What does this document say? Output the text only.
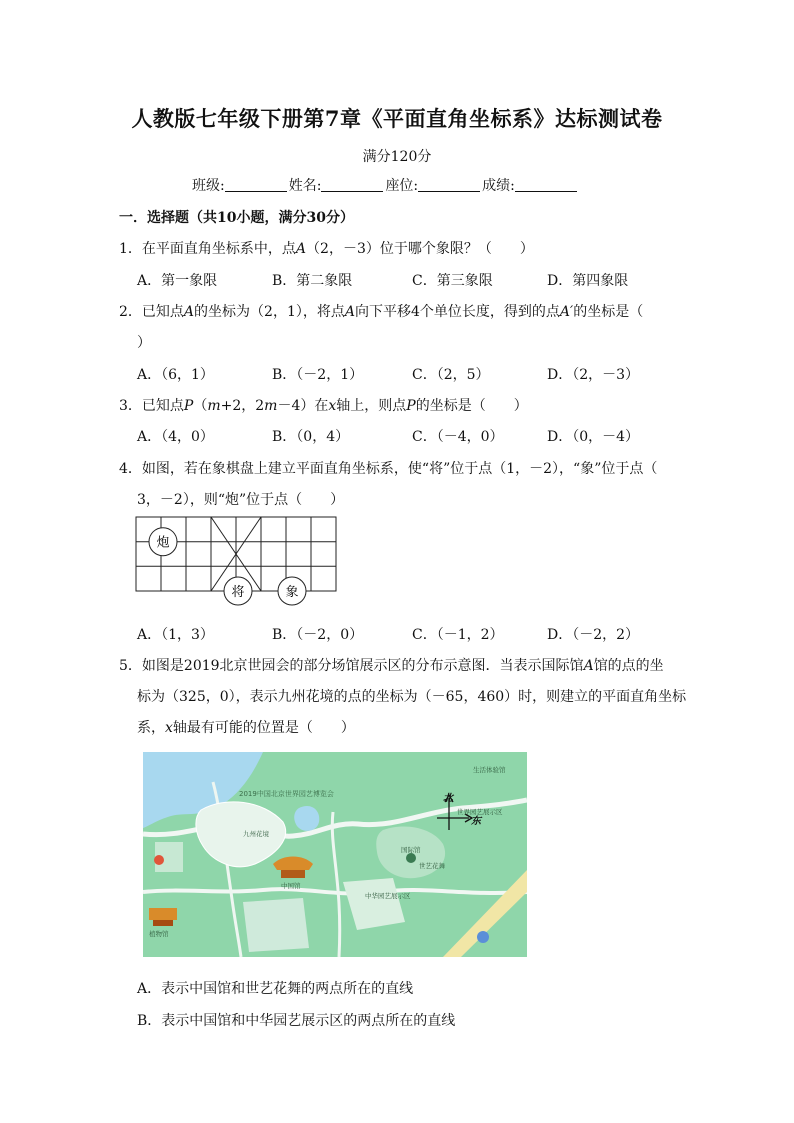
人教版七年级下册第7章《平面直角坐标系》达标测试卷
满分120分
班级:	姓名:	座位:	成绩:
一．选择题（共10小题，满分30分）
1．在平面直角坐标系中，点A（2，－3）位于哪个象限？（　　）
A．第一象限	B．第二象限	C．第三象限	D．第四象限
2．已知点A的坐标为（2，1），将点A向下平移4个单位长度，得到的点A′的坐标是（
）
A．（6，1）	B．（－2，1）	C．（2，5）	D．（2，－3）
3．已知点P（m+2，2m－4）在x轴上，则点P的坐标是（　　）
A．（4，0）	B．（0，4）	C．（－4，0）	D．（0，－4）
4．如图，若在象棋盘上建立平面直角坐标系，使“将”位于点（1，－2），“象”位于点（
3，－2），则“炮”位于点（　　）
炮
将	象
A．（1，3）	B．（－2，0）	C．（－1，2）	D．（－2，2）
5．如图是2019北京世园会的部分场馆展示区的分布示意图．当表示国际馆A馆的点的坐
标为（325，0），表示九州花境的点的坐标为（－65，460）时，则建立的平面直角坐标
系，x轴最有可能的位置是（　　）
北
东
2019中国北京世界园艺博览会
九州花境
国际馆
中国馆
中华园艺展示区
世艺花舞
生活体验馆
世界园艺展示区
植物馆
A．表示中国馆和世艺花舞的两点所在的直线
B．表示中国馆和中华园艺展示区的两点所在的直线
